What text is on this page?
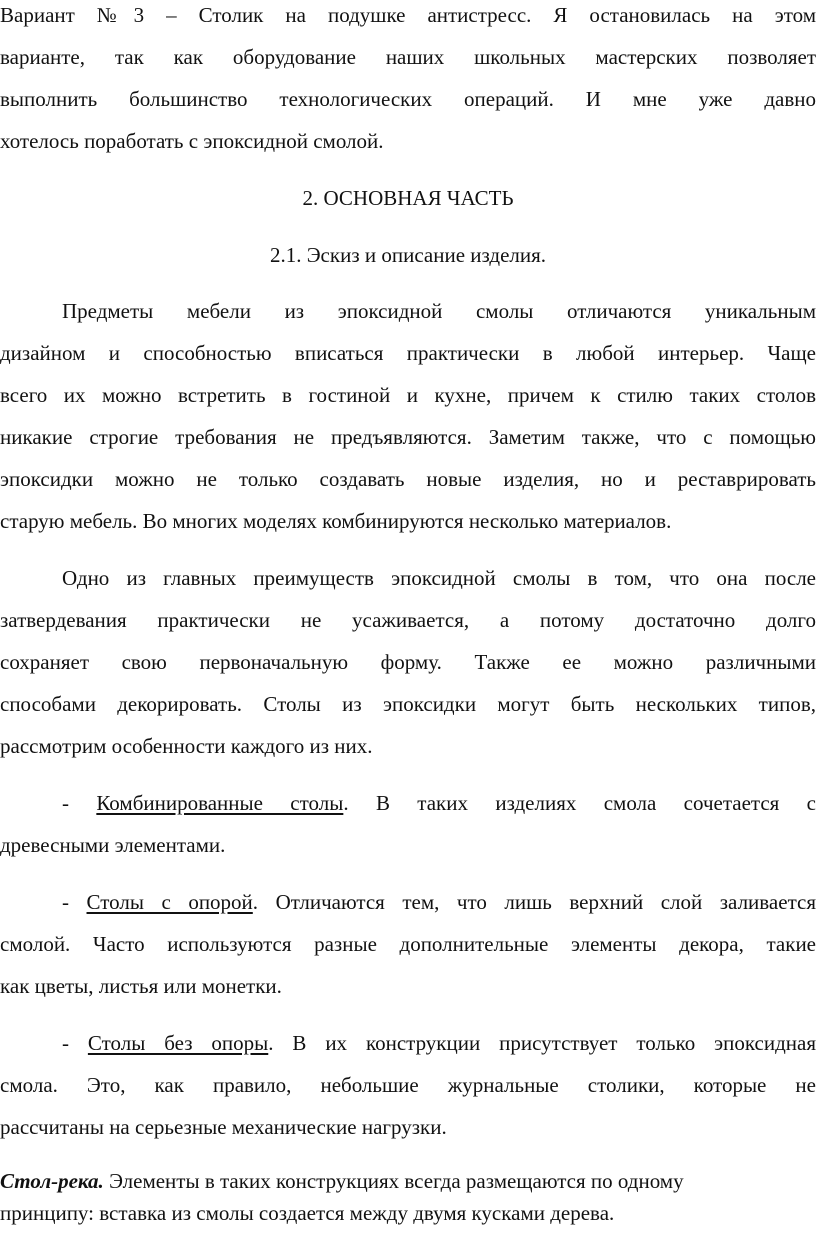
Вариант №3 – Столик на подушке антистресс. Я остановилась на этом
варианте, так как оборудование наших школьных мастерских позволяет
выполнить большинство технологических операций. И мне уже давно
хотелось поработать с эпоксидной смолой.
2. ОСНОВНАЯ ЧАСТЬ
2.1. Эскиз и описание изделия.
Предметы мебели из эпоксидной смолы отличаются уникальным
дизайном и способностью вписаться практически в любой интерьер. Чаще
всего их можно встретить в гостиной и кухне, причем к стилю таких столов
никакие строгие требования не предъявляются. Заметим также, что с помощью
эпоксидки можно не только создавать новые изделия, но и реставрировать
старую мебель. Во многих моделях комбинируются несколько материалов.
Одно из главных преимуществ эпоксидной смолы в том, что она после
затвердевания практически не усаживается, а потому достаточно долго
сохраняет свою первоначальную форму. Также ее можно различными
способами декорировать. Столы из эпоксидки могут быть нескольких типов,
рассмотрим особенности каждого из них.
- Комбинированные столы. В таких изделиях смола сочетается с
древесными элементами.
- Столы с опорой. Отличаются тем, что лишь верхний слой заливается
смолой. Часто используются разные дополнительные элементы декора, такие
как цветы, листья или монетки.
- Столы без опоры. В их конструкции присутствует только эпоксидная
смола. Это, как правило, небольшие журнальные столики, которые не
рассчитаны на серьезные механические нагрузки.
Стол-река. Элементы в таких конструкциях всегда размещаются по одному
принципу: вставка из смолы создается между двумя кусками дерева.
